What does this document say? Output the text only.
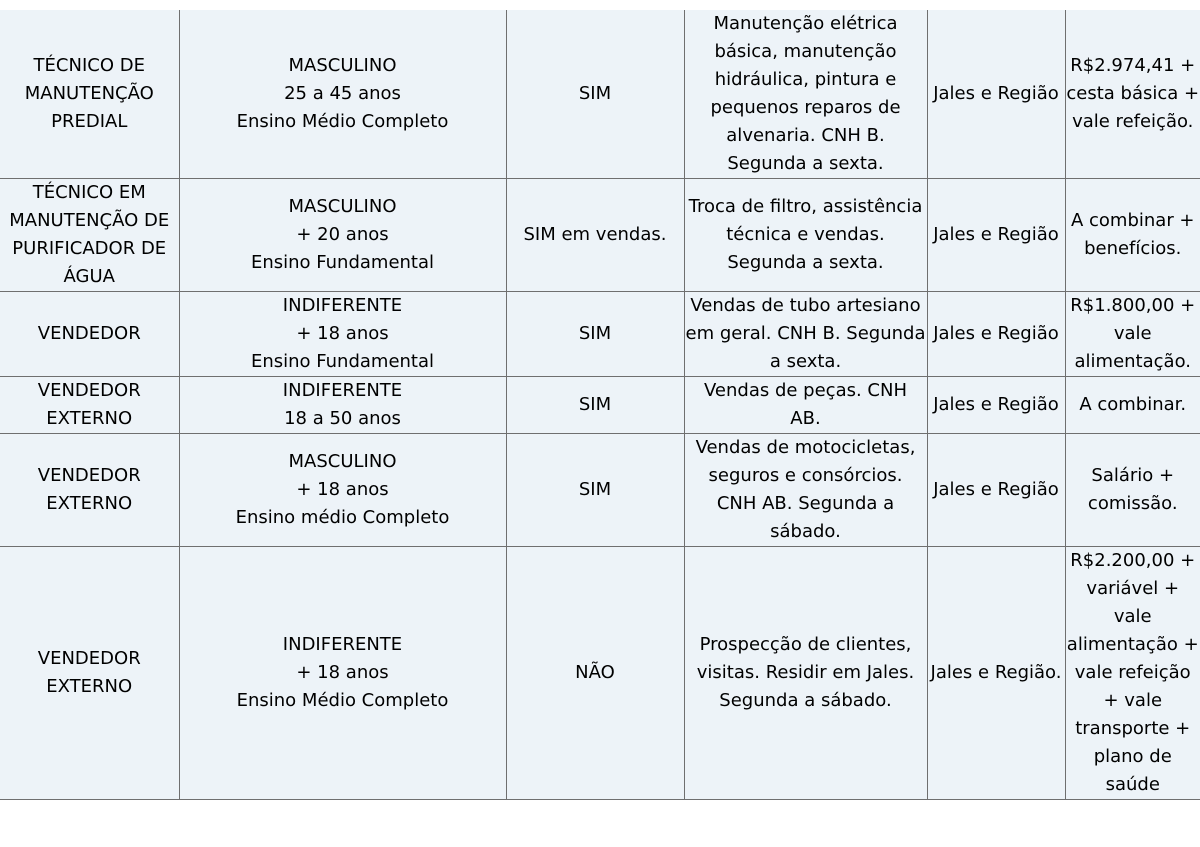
TÉCNICO DE MANUTENÇÃO PREDIAL	MASCULINO
25 a 45 anos
Ensino Médio Completo	SIM	Manutenção elétrica básica, manutenção hidráulica, pintura e pequenos reparos de alvenaria. CNH B. Segunda a sexta.	Jales e Região	R$2.974,41 + cesta básica + vale refeição.

TÉCNICO EM MANUTENÇÃO DE PURIFICADOR DE ÁGUA	MASCULINO
+ 20 anos
Ensino Fundamental	SIM em vendas.	Troca de filtro, assistência técnica e vendas. Segunda a sexta.	Jales e Região	A combinar + benefícios.

VENDEDOR	INDIFERENTE
+ 18 anos
Ensino Fundamental	SIM	Vendas de tubo artesiano em geral. CNH B. Segunda a sexta.	Jales e Região	R$1.800,00 + vale alimentação.

VENDEDOR EXTERNO	INDIFERENTE
18 a 50 anos	SIM	Vendas de peças. CNH AB.	Jales e Região	A combinar.

VENDEDOR EXTERNO	MASCULINO
+ 18 anos
Ensino médio Completo	SIM	Vendas de motocicletas, seguros e consórcios. CNH AB. Segunda a sábado.	Jales e Região	Salário + comissão.

VENDEDOR EXTERNO	INDIFERENTE
+ 18 anos
Ensino Médio Completo	NÃO	Prospecção de clientes, visitas. Residir em Jales. Segunda a sábado.	Jales e Região.	R$2.200,00 + variável + vale alimentação + vale refeição + vale transporte + plano de saúde
